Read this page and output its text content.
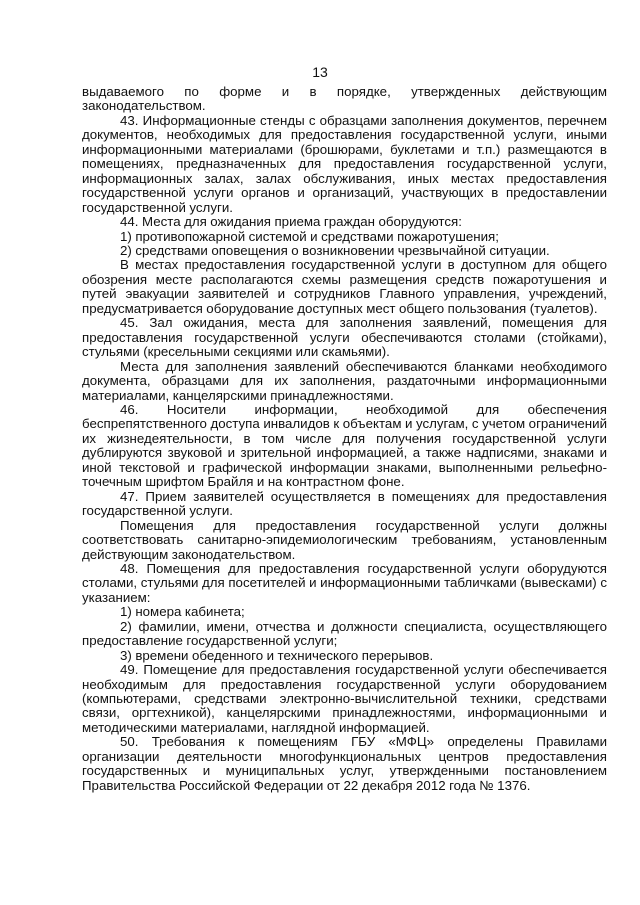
13

выдаваемого по форме и в порядке, утвержденных действующим законодательством.

43. Информационные стенды с образцами заполнения документов, перечнем документов, необходимых для предоставления государственной услуги, иными информационными материалами (брошюрами, буклетами и т.п.) размещаются в помещениях, предназначенных для предоставления государственной услуги, информационных залах, залах обслуживания, иных местах предоставления государственной услуги органов и организаций, участвующих в предоставлении государственной услуги.

44. Места для ожидания приема граждан оборудуются:

1) противопожарной системой и средствами пожаротушения;

2) средствами оповещения о возникновении чрезвычайной ситуации.

В местах предоставления государственной услуги в доступном для общего обозрения месте располагаются схемы размещения средств пожаротушения и путей эвакуации заявителей и сотрудников Главного управления, учреждений, предусматривается оборудование доступных мест общего пользования (туалетов).

45. Зал ожидания, места для заполнения заявлений, помещения для предоставления государственной услуги обеспечиваются столами (стойками), стульями (кресельными секциями или скамьями).

Места для заполнения заявлений обеспечиваются бланками необходимого документа, образцами для их заполнения, раздаточными информационными материалами, канцелярскими принадлежностями.

46. Носители информации, необходимой для обеспечения беспрепятственного доступа инвалидов к объектам и услугам, с учетом ограничений их жизнедеятельности, в том числе для получения государственной услуги дублируются звуковой и зрительной информацией, а также надписями, знаками и иной текстовой и графической информации знаками, выполненными рельефно-точечным шрифтом Брайля и на контрастном фоне.

47. Прием заявителей осуществляется в помещениях для предоставления государственной услуги.

Помещения для предоставления государственной услуги должны соответствовать санитарно-эпидемиологическим требованиям, установленным действующим законодательством.

48. Помещения для предоставления государственной услуги оборудуются столами, стульями для посетителей и информационными табличками (вывесками) с указанием:

1) номера кабинета;

2) фамилии, имени, отчества и должности специалиста, осуществляющего предоставление государственной услуги;

3) времени обеденного и технического перерывов.

49. Помещение для предоставления государственной услуги обеспечивается необходимым для предоставления государственной услуги оборудованием (компьютерами, средствами электронно-вычислительной техники, средствами связи, оргтехникой), канцелярскими принадлежностями, информационными и методическими материалами, наглядной информацией.

50. Требования к помещениям ГБУ «МФЦ» определены Правилами организации деятельности многофункциональных центров предоставления государственных и муниципальных услуг, утвержденными постановлением Правительства Российской Федерации от 22 декабря 2012 года № 1376.
